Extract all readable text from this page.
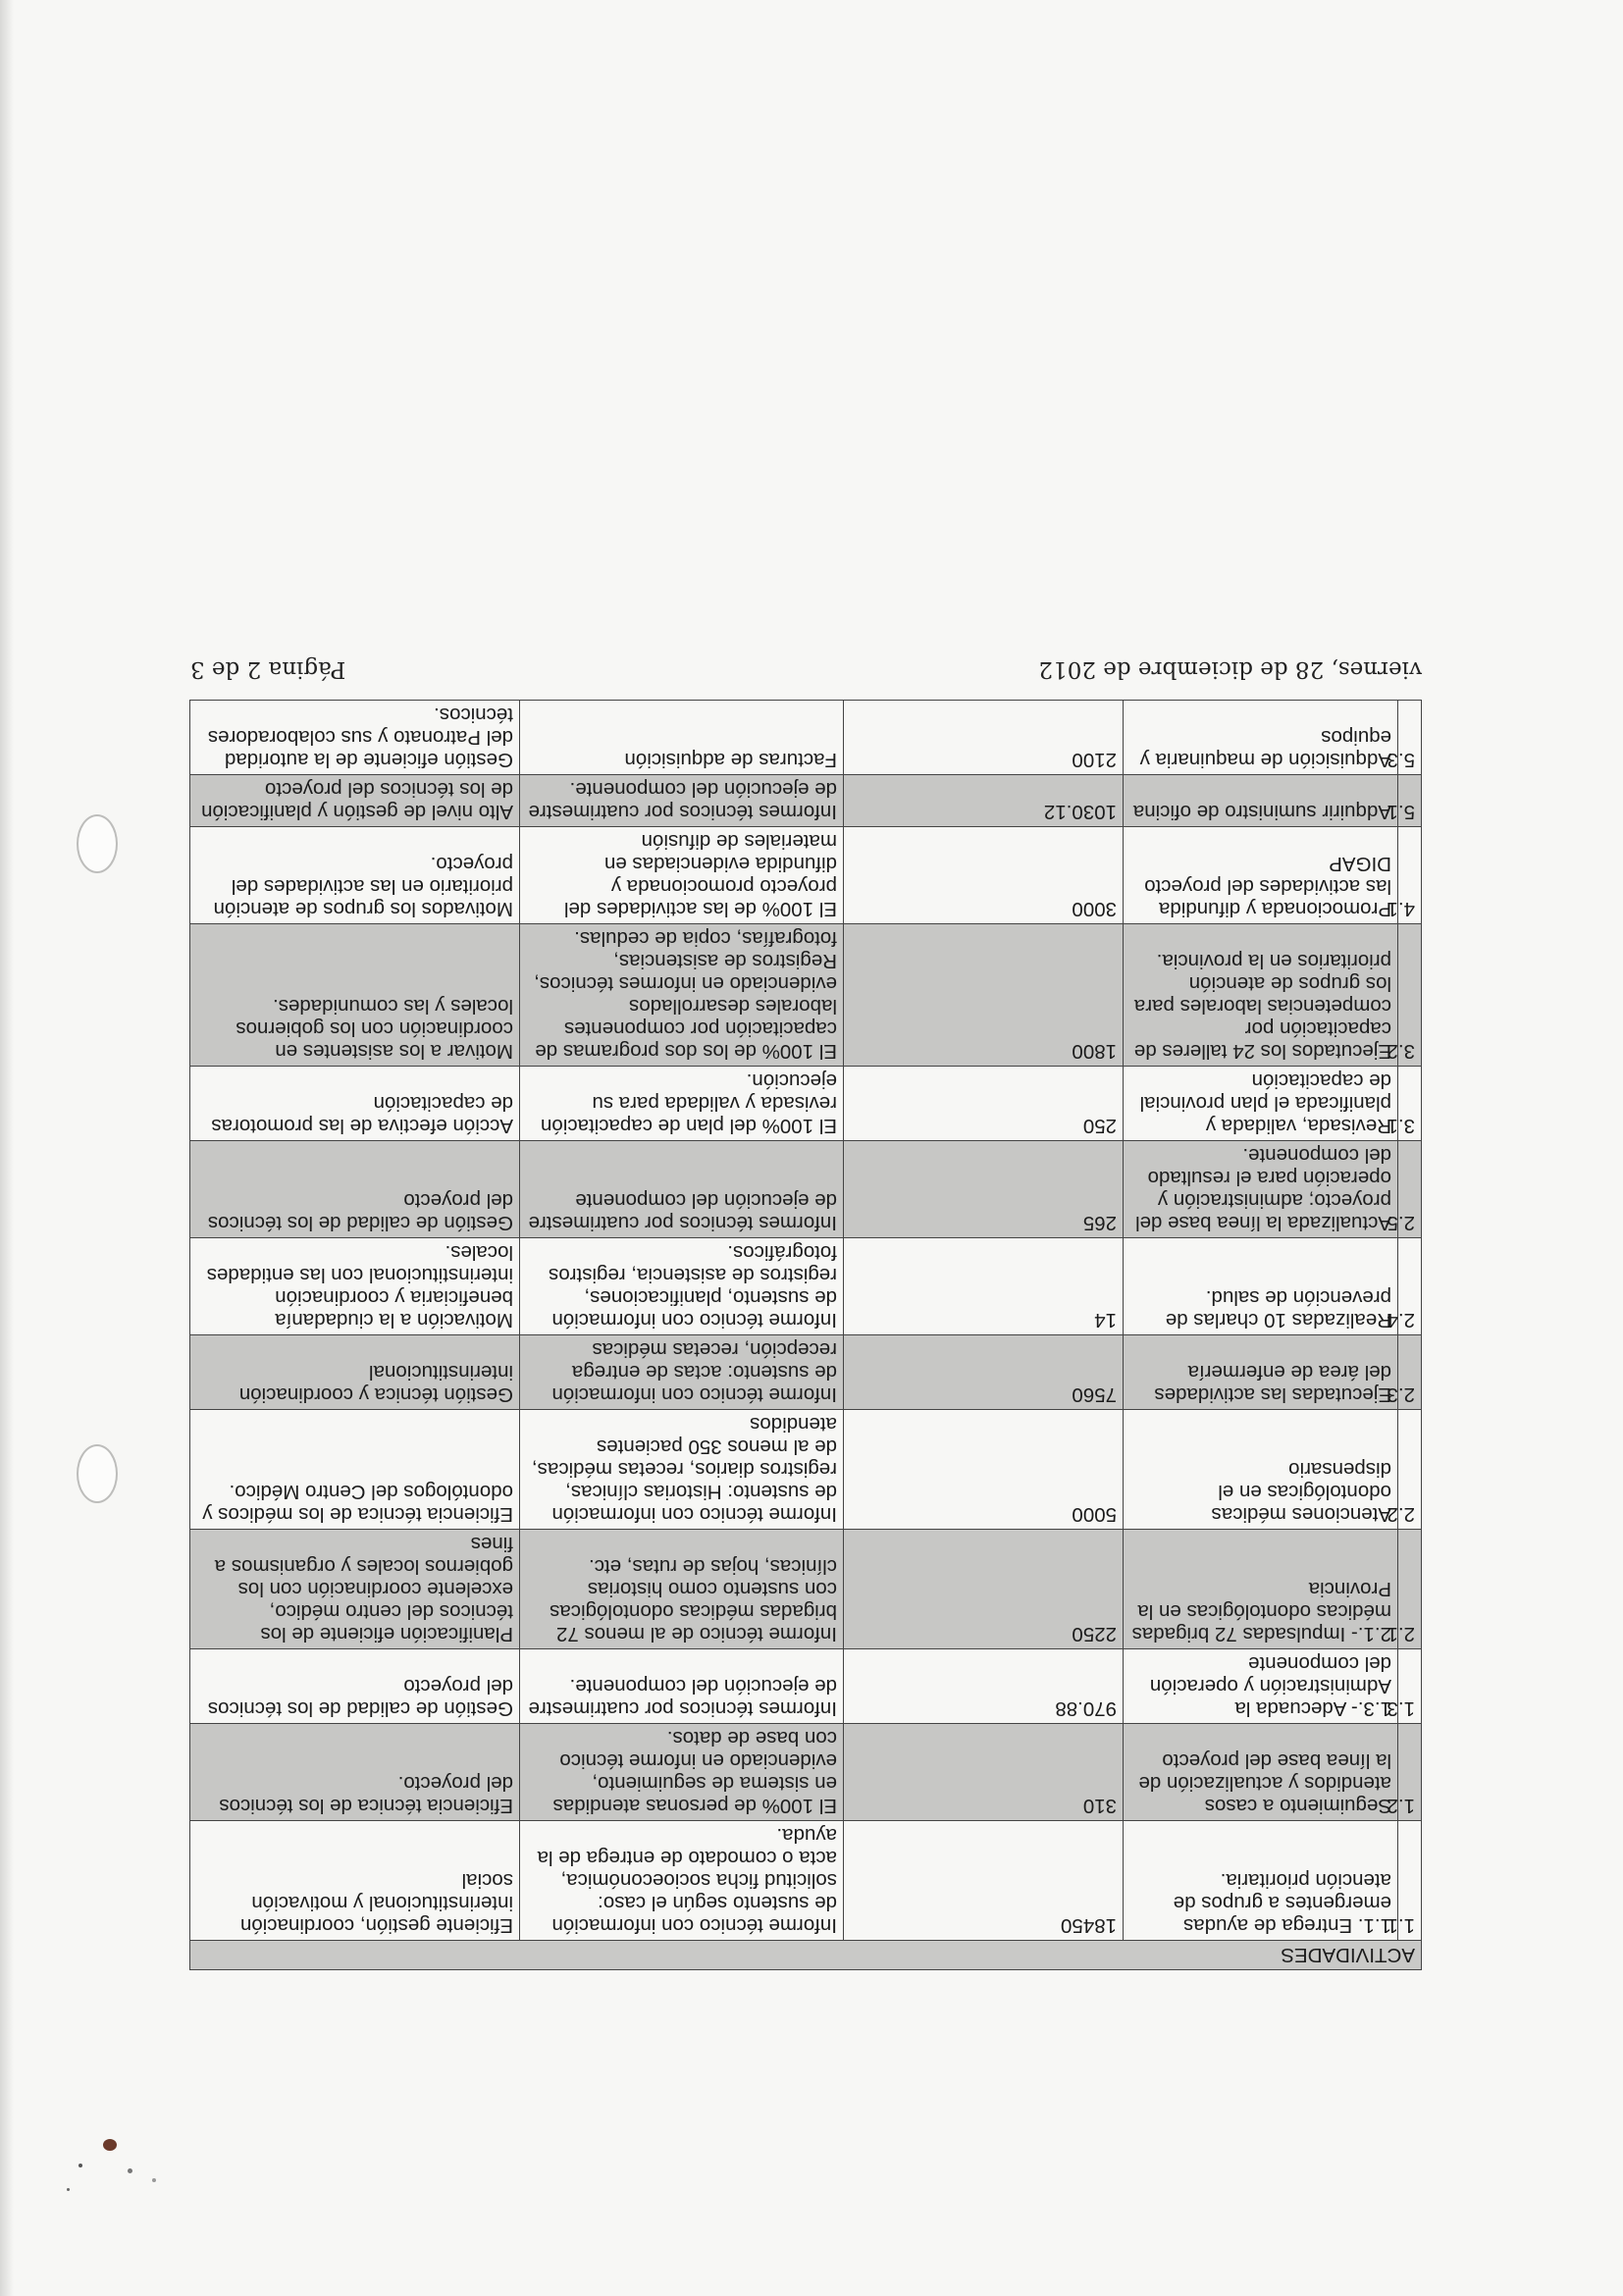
ACTIVIDADES				
1.1	1.1. Entrega de ayudas emergentes a grupos de atención prioritaria.	18450	Informe técnico con información de sustento según el caso: solicitud ficha socioeconómica, acta o comodato de entrega de la ayuda.	Eficiente gestión, coordinación interinstitucional y motivación social
1.2	Seguimiento a casos atendidos y actualización de la línea base del proyecto	310	El 100% de personas atendidas en sistema de seguimiento, evidenciado en informe técnico con base de datos.	Eficiencia técnica de los técnicos del proyecto.
1.3	1.3.- Adecuada la Administración y operación del componente	970.88	Informes técnicos por cuatrimestre de ejecución del componente.	Gestión de calidad de los técnicos del proyecto
2.1	2.1.- Impulsadas 72 brigadas médicas odontológicas en la Provincia	2250	Informe técnico de al menos 72 brigadas médicas odontológicas con sustento como historias clínicas, hojas de rutas, etc.	Planificación eficiente de los técnicos del centro médico, excelente coordinación con los gobiernos locales y organismos a fines
2.2	Atenciones médicas odontológicas en el dispensario	5000	Informe técnico con información de sustento: Historias clínicas, registros diarios, recetas médicas, de al menos 350 pacientes atendidos	Eficiencia técnica de los médicos y odontólogos del Centro Médico.
2.3	Ejecutadas las actividades del área de enfermería	7560	Informe técnico con información de sustento: actas de entrega recepción, recetas médicas	Gestión técnica y coordinación interinstitucional
2.4	Realizadas 10 charlas de prevención de salud.	14	Informe técnico con información de sustento, planificaciones, registros de asistencia, registros fotográficos.	Motivación a la ciudadanía beneficiaria y coordinación interinstitucional con las entidades locales.
2.5	Actualizada la línea base del proyecto; administración y operación para el resultado del componente.	265	Informes técnicos por cuatrimestre de ejecución del componente	Gestión de calidad de los técnicos del proyecto
3.1	Revisada, validada y planificada el plan provincial de capacitación	250	El 100% del plan de capacitación revisada y validada para su ejecución.	Acción efectiva de las promotoras de capacitación
3.2	Ejecutados los 24 talleres de capacitación por competencias laborales para los grupos de atención prioritarios en la provincia.	1800	El 100% de los dos programas de capacitación por componentes laborales desarrollados evidenciado en informes técnicos, Registros de asistencias, fotografías, copia de cedulas.	Motivar a los asistentes en coordinación con los gobiernos locales y las comunidades.
4.1	Promocionada y difundida las actividades del proyecto DIGAP	3000	El 100% de las actividades del proyecto promocionada y difundida evidenciadas en materiales de difusión	Motivados los grupos de atención prioritario en las actividades del proyecto.
5.1	Adquirir suministro de oficina	1030.12	Informes técnicos por cuatrimestre de ejecución del componente.	Alto nivel de gestión y planificación de los técnicos del proyecto
5.3	Adquisición de maquinaria y equipos	2100	Facturas de adquisición	Gestión eficiente de la autoridad del Patronato y sus colaboradores técnicos.
viernes, 28 de diciembre de 2012
Página 2 de 3
